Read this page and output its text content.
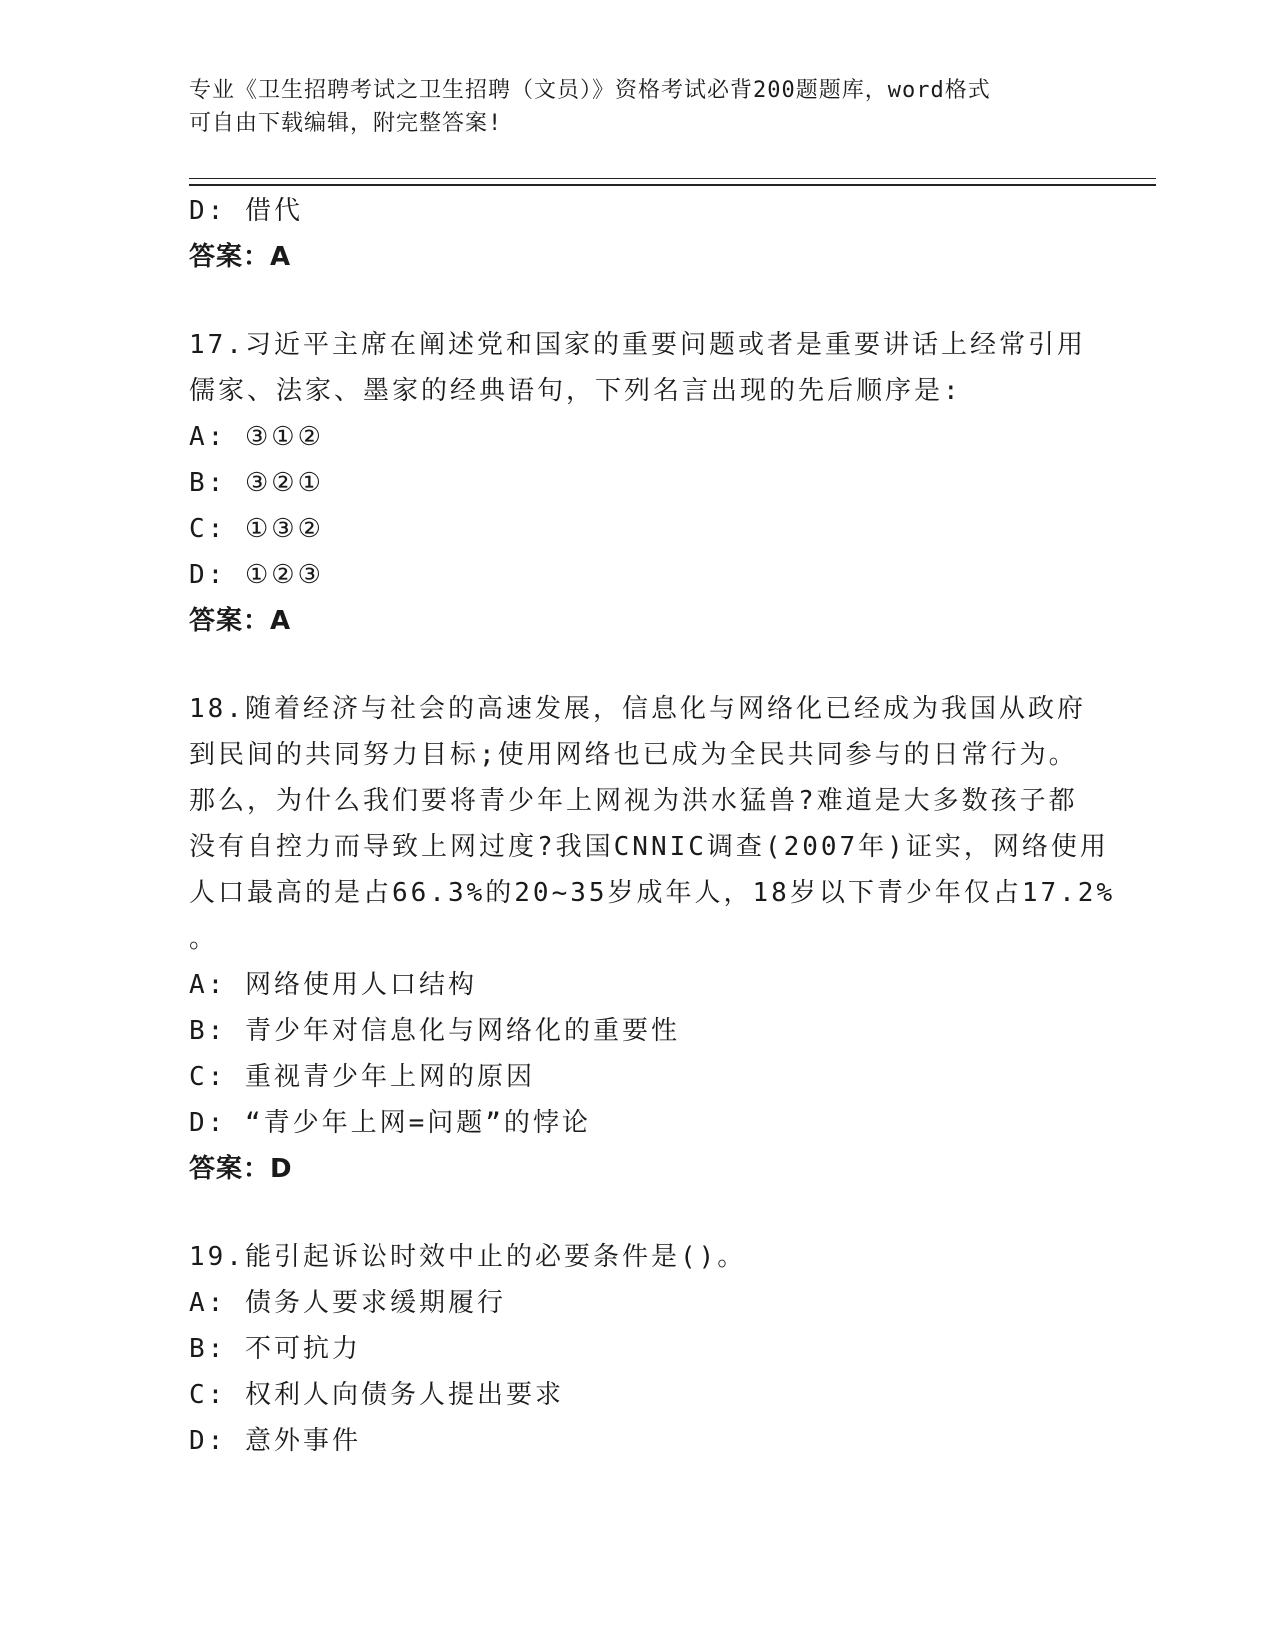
专业《卫生招聘考试之卫生招聘（文员）》资格考试必背200题题库，word格式
可自由下载编辑，附完整答案!
D: 借代
答案：A
17.习近平主席在阐述党和国家的重要问题或者是重要讲话上经常引用
儒家、法家、墨家的经典语句，下列名言出现的先后顺序是:
A: ③①②
B: ③②①
C: ①③②
D: ①②③
答案：A
18.随着经济与社会的高速发展，信息化与网络化已经成为我国从政府
到民间的共同努力目标;使用网络也已成为全民共同参与的日常行为。
那么，为什么我们要将青少年上网视为洪水猛兽?难道是大多数孩子都
没有自控力而导致上网过度?我国CNNIC调查(2007年)证实，网络使用
人口最高的是占66.3%的20~35岁成年人，18岁以下青少年仅占17.2%
。
A: 网络使用人口结构
B: 青少年对信息化与网络化的重要性
C: 重视青少年上网的原因
D: “青少年上网=问题”的悖论
答案：D
19.能引起诉讼时效中止的必要条件是()。
A: 债务人要求缓期履行
B: 不可抗力
C: 权利人向债务人提出要求
D: 意外事件
